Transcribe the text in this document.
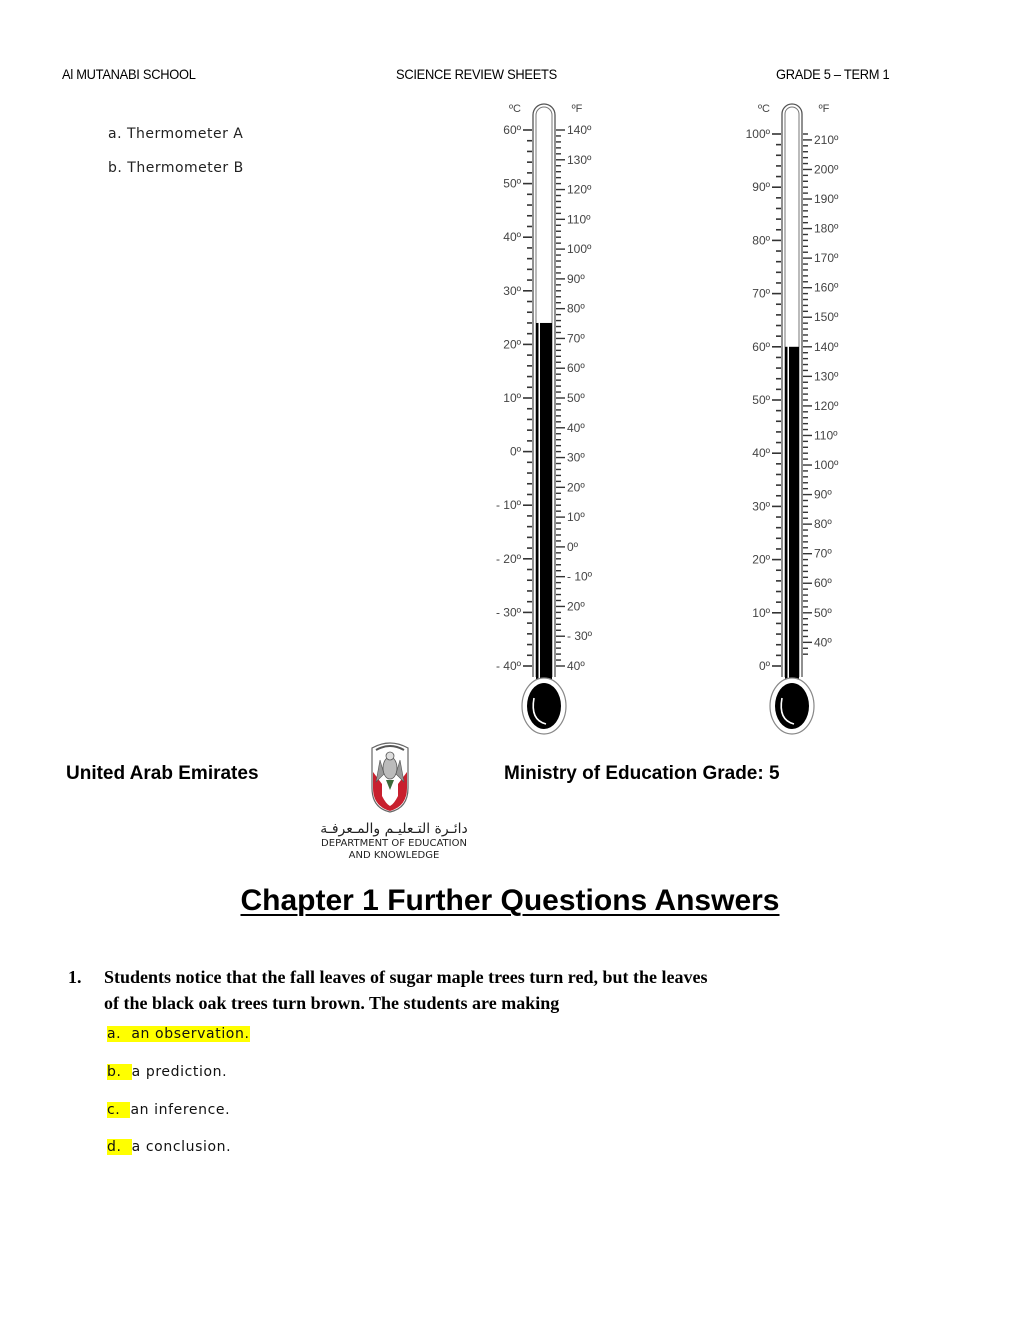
Al MUTANABI SCHOOL	SCIENCE REVIEW SHEETS	GRADE 5 – TERM 1
a. Thermometer A
b. Thermometer B
ºC	ºF
60º
50º
40º
30º
20º
10º
0º
- 10º
- 20º
- 30º
- 40º
140º
130º
120º
110º
100º
90º
80º
70º
60º
50º
40º
30º
20º
10º
0º
- 10º
20º
- 30º
40º
ºC	ºF
100º
90º
80º
70º
60º
50º
40º
30º
20º
10º
0º
210º
200º
190º
180º
170º
160º
150º
140º
130º
120º
110º
100º
90º
80º
70º
60º
50º
40º
United Arab Emirates	Ministry of Education Grade: 5
دائـرة التـعليـم والمـعرفـة
DEPARTMENT OF EDUCATION
AND KNOWLEDGE
Chapter 1 Further Questions Answers
1. Students notice that the fall leaves of sugar maple trees turn red, but the leaves
of the black oak trees turn brown. The students are making
a. an observation.
b. a prediction.
c. an inference.
d. a conclusion.
